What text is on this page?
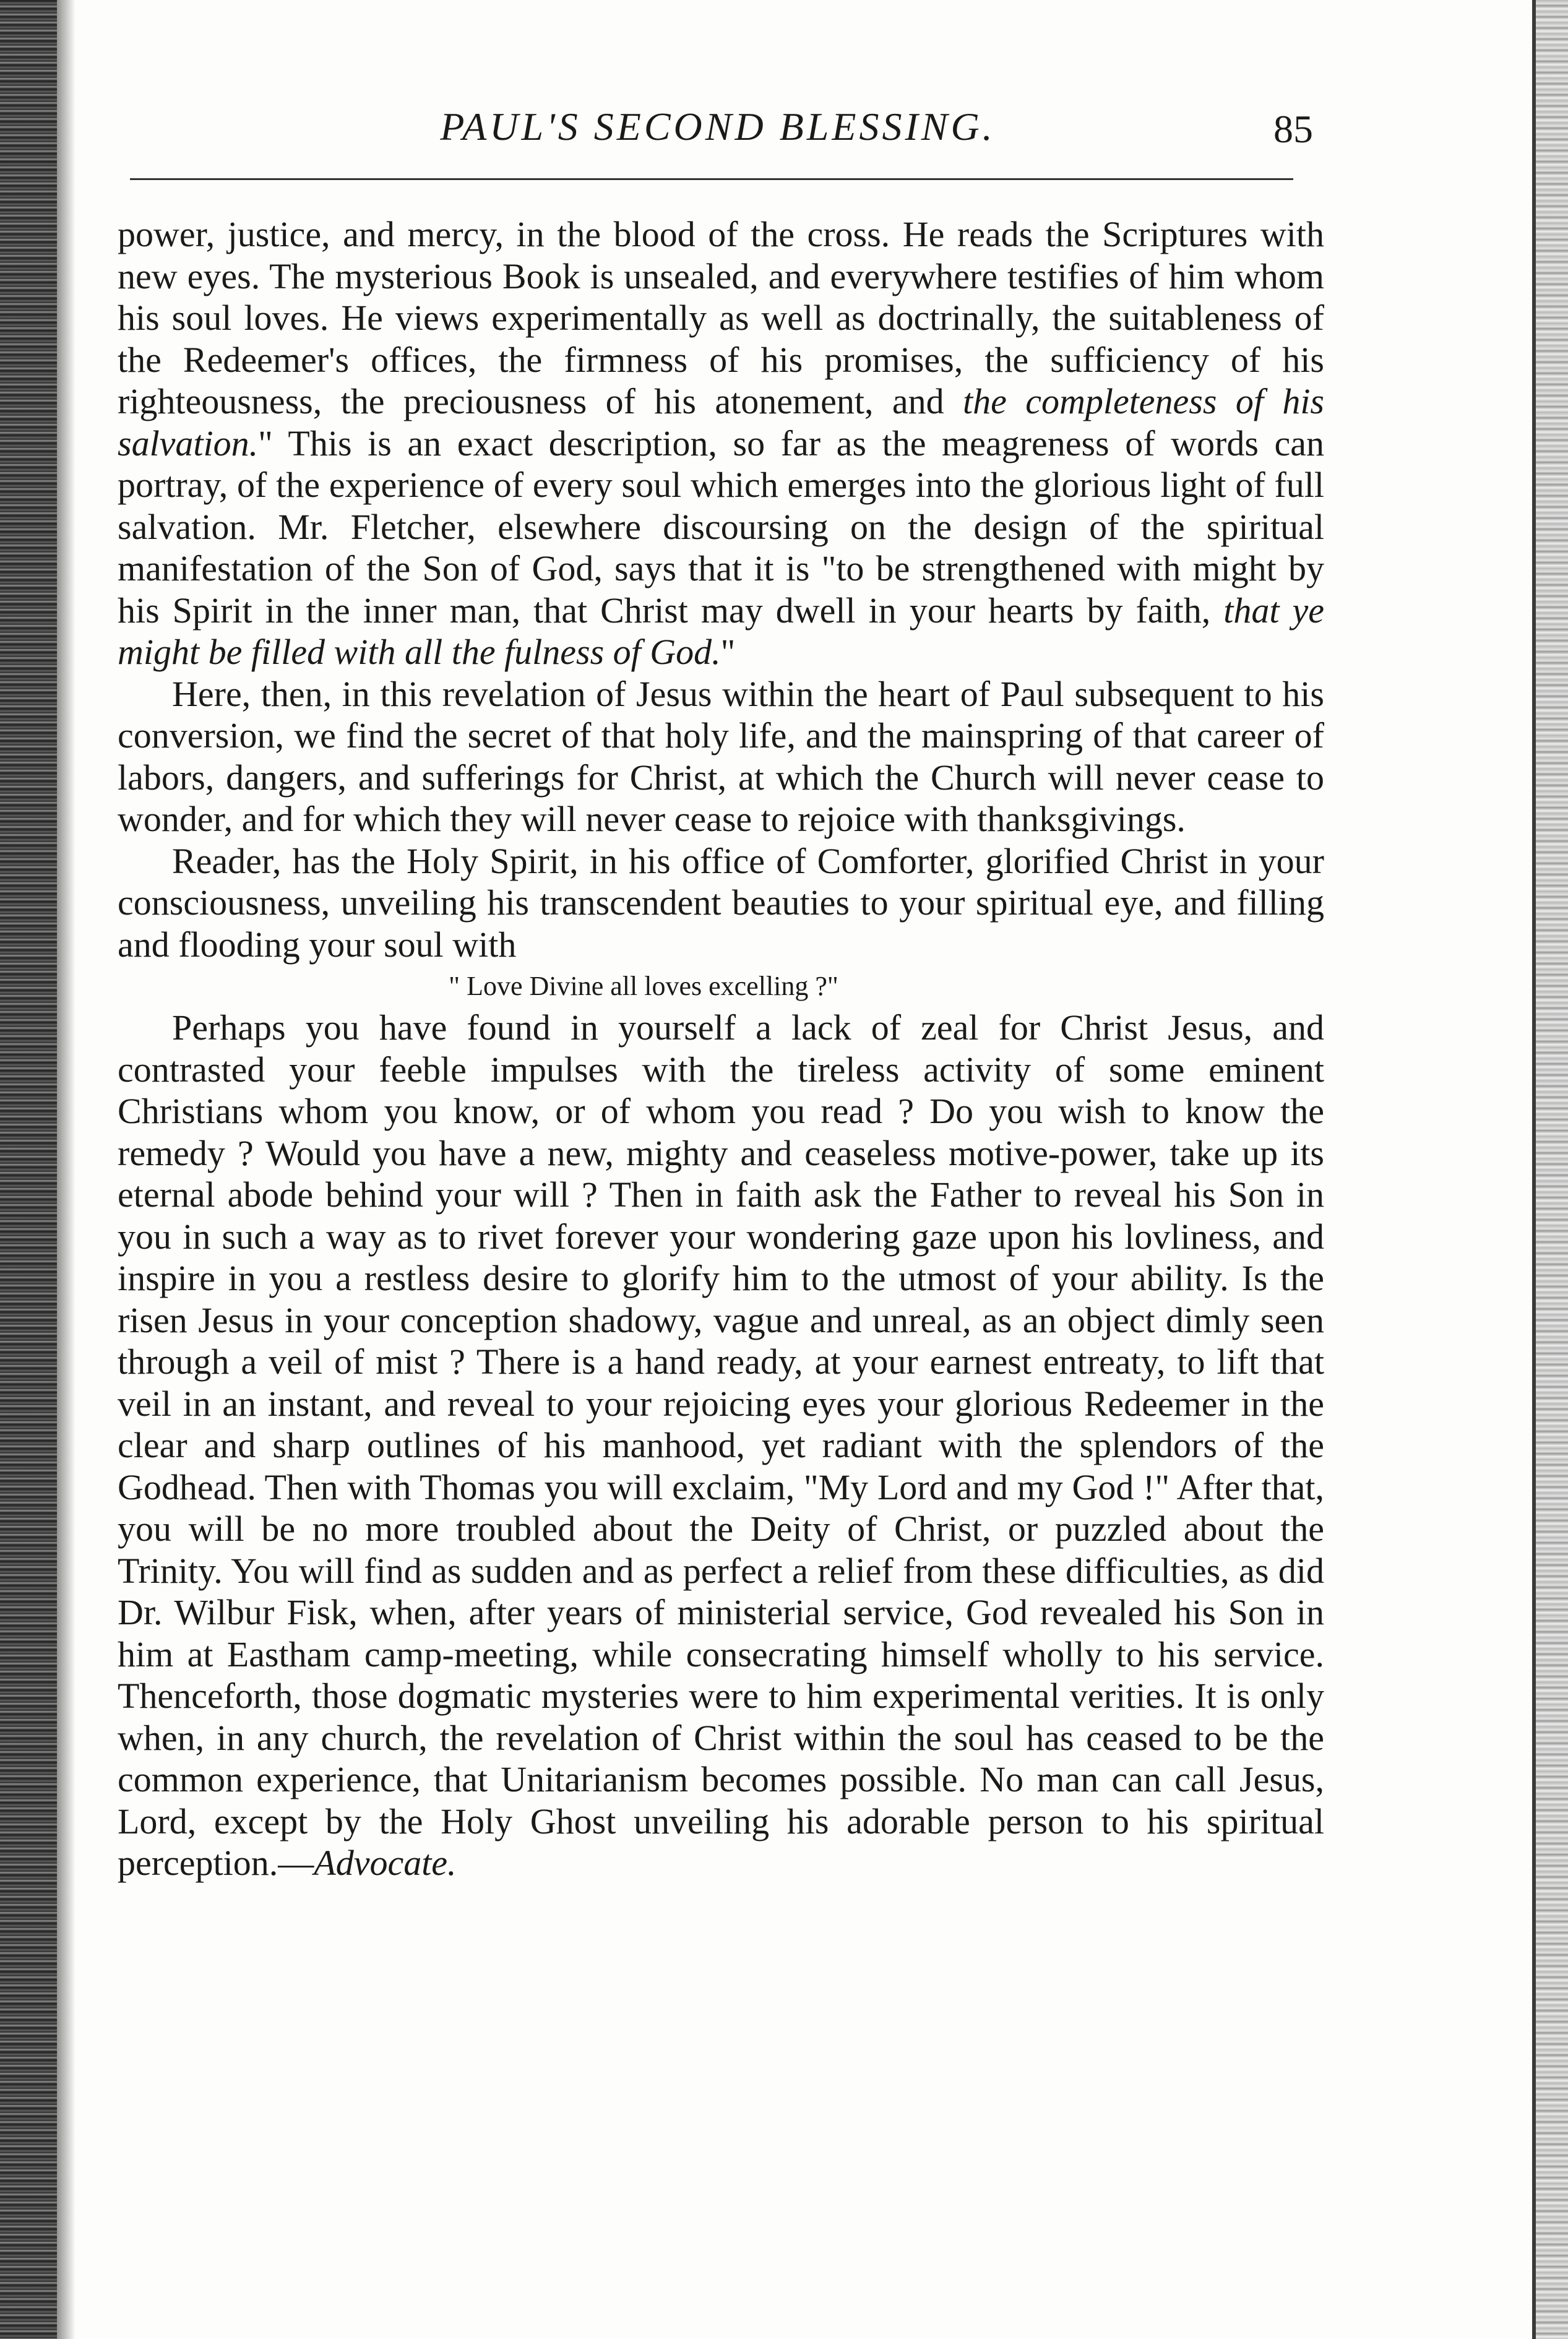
PAUL'S SECOND BLESSING.	85

power, justice, and mercy, in the blood of the cross. He reads the Scriptures with new eyes. The mysterious Book is unsealed, and everywhere testifies of him whom his soul loves. He views experimentally as well as doctrinally, the suitableness of the Redeemer's offices, the firmness of his promises, the sufficiency of his righteousness, the preciousness of his atonement, and the completeness of his salvation." This is an exact description, so far as the meagreness of words can portray, of the experience of every soul which emerges into the glorious light of full salvation. Mr. Fletcher, elsewhere discoursing on the design of the spiritual manifestation of the Son of God, says that it is "to be strengthened with might by his Spirit in the inner man, that Christ may dwell in your hearts by faith, that ye might be filled with all the fulness of God."

Here, then, in this revelation of Jesus within the heart of Paul subsequent to his conversion, we find the secret of that holy life, and the mainspring of that career of labors, dangers, and sufferings for Christ, at which the Church will never cease to wonder, and for which they will never cease to rejoice with thanksgivings.

Reader, has the Holy Spirit, in his office of Comforter, glorified Christ in your consciousness, unveiling his transcendent beauties to your spiritual eye, and filling and flooding your soul with

" Love Divine all loves excelling ?"

Perhaps you have found in yourself a lack of zeal for Christ Jesus, and contrasted your feeble impulses with the tireless activity of some eminent Christians whom you know, or of whom you read ? Do you wish to know the remedy ? Would you have a new, mighty and ceaseless motive-power, take up its eternal abode behind your will ? Then in faith ask the Father to reveal his Son in you in such a way as to rivet forever your wondering gaze upon his lovliness, and inspire in you a restless desire to glorify him to the utmost of your ability. Is the risen Jesus in your conception shadowy, vague and unreal, as an object dimly seen through a veil of mist ? There is a hand ready, at your earnest entreaty, to lift that veil in an instant, and reveal to your rejoicing eyes your glorious Redeemer in the clear and sharp outlines of his manhood, yet radiant with the splendors of the Godhead. Then with Thomas you will exclaim, "My Lord and my God !" After that, you will be no more troubled about the Deity of Christ, or puzzled about the Trinity. You will find as sudden and as perfect a relief from these difficulties, as did Dr. Wilbur Fisk, when, after years of ministerial service, God revealed his Son in him at Eastham camp-meeting, while consecrating himself wholly to his service. Thenceforth, those dogmatic mysteries were to him experimental verities. It is only when, in any church, the revelation of Christ within the soul has ceased to be the common experience, that Unitarianism becomes possible. No man can call Jesus, Lord, except by the Holy Ghost unveiling his adorable person to his spiritual perception.—Advocate.
